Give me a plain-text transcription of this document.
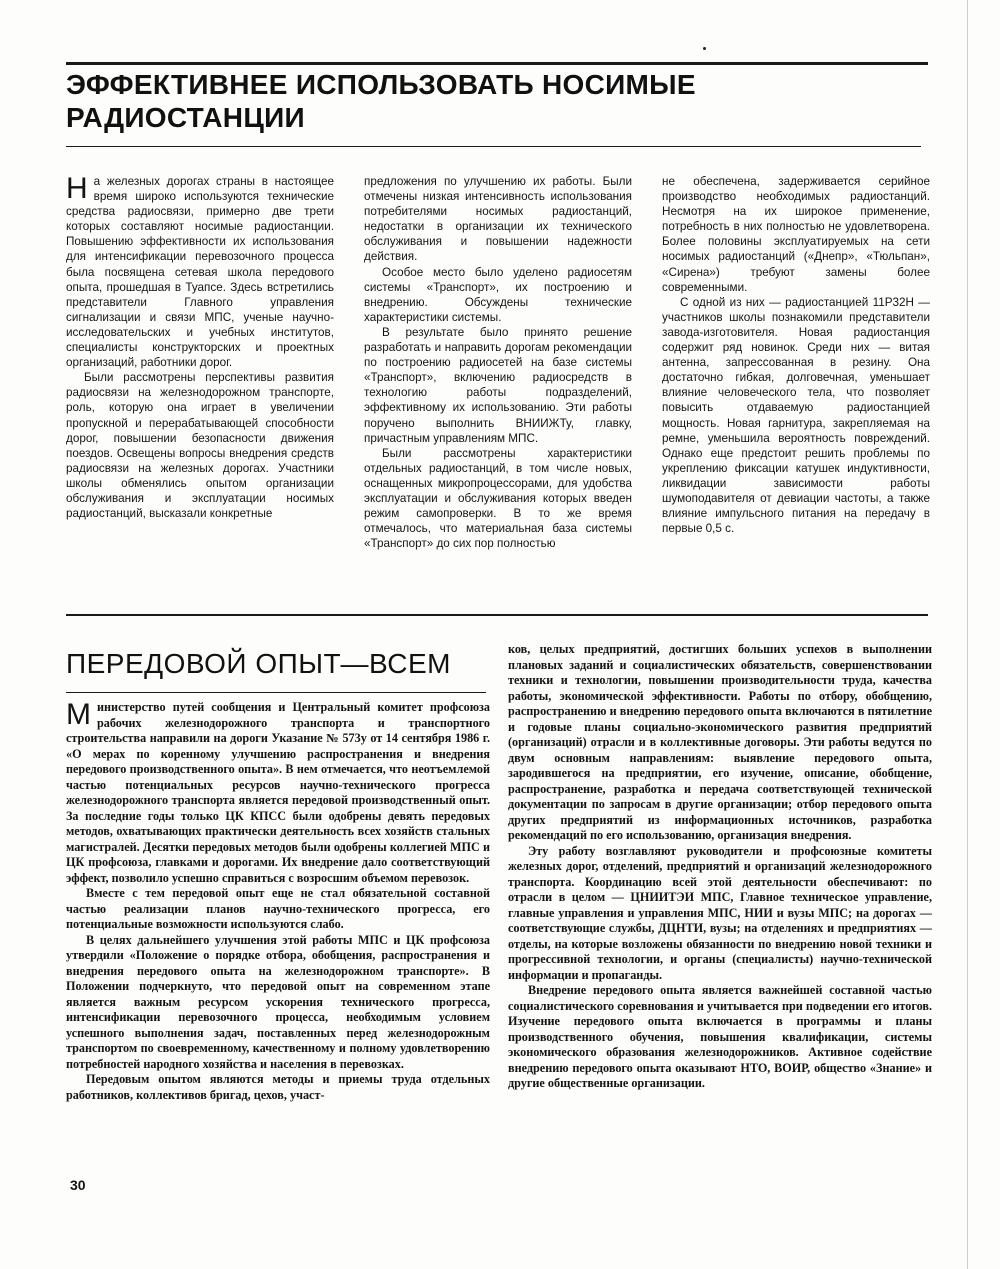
ЭФФЕКТИВНЕЕ ИСПОЛЬЗОВАТЬ НОСИМЫЕ РАДИОСТАНЦИИ
Н а железных дорогах страны в настоящее время широко используются технические средства радиосвязи, примерно две трети которых составляют носимые радиостанции. Повышению эффективности их использования для интенсификации перевозочного процесса была посвящена сетевая школа передового опыта, прошедшая в Туапсе. Здесь встретились представители Главного управления сигнализации и связи МПС, ученые научно-исследовательских и учебных институтов, специалисты конструкторских и проектных организаций, работники дорог.

Были рассмотрены перспективы развития радиосвязи на железнодорожном транспорте, роль, которую она играет в увеличении пропускной и перерабатывающей способности дорог, повышении безопасности движения поездов. Освещены вопросы внедрения средств радиосвязи на железных дорогах. Участники школы обменялись опытом организации обслуживания и эксплуатации носимых радиостанций, высказали конкретные

предложения по улучшению их работы. Были отмечены низкая интенсивность использования потребителями носимых радиостанций, недостатки в организации их технического обслуживания и повышении надежности действия.

Особое место было уделено радиосетям системы «Транспорт», их построению и внедрению. Обсуждены технические характеристики системы.

В результате было принято решение разработать и направить дорогам рекомендации по построению радиосетей на базе системы «Транспорт», включению радиосредств в технологию работы подразделений, эффективному их использованию. Эти работы поручено выполнить ВНИИЖТу, главку, причастным управлениям МПС.

Были рассмотрены характеристики отдельных радиостанций, в том числе новых, оснащенных микропроцессорами, для удобства эксплуатации и обслуживания которых введен режим самопроверки. В то же время отмечалось, что материальная база системы «Транспорт» до сих пор полностью

не обеспечена, задерживается серийное производство необходимых радиостанций. Несмотря на их широкое применение, потребность в них полностью не удовлетворена. Более половины эксплуатируемых на сети носимых радиостанций («Днепр», «Тюльпан», «Сирена») требуют замены более современными.

С одной из них — радиостанцией 11Р32Н — участников школы познакомили представители завода-изготовителя. Новая радиостанция содержит ряд новинок. Среди них — витая антенна, запрессованная в резину. Она достаточно гибкая, долговечная, уменьшает влияние человеческого тела, что позволяет повысить отдаваемую радиостанцией мощность. Новая гарнитура, закрепляемая на ремне, уменьшила вероятность повреждений. Однако еще предстоит решить проблемы по укреплению фиксации катушек индуктивности, ликвидации зависимости работы шумоподавителя от девиации частоты, а также влияние импульсного питания на передачу в первые 0,5 с.

ПЕРЕДОВОЙ ОПЫТ—ВСЕМ
М инистерство путей сообщения и Центральный комитет профсоюза рабочих железнодорожного транспорта и транспортного строительства направили на дороги Указание № 573у от 14 сентября 1986 г. «О мерах по коренному улучшению распространения и внедрения передового производственного опыта». В нем отмечается, что неотъемлемой частью потенциальных ресурсов научно-технического прогресса железнодорожного транспорта является передовой производственный опыт. За последние годы только ЦК КПСС были одобрены девять передовых методов, охватывающих практически деятельность всех хозяйств стальных магистралей. Десятки передовых методов были одобрены коллегией МПС и ЦК профсоюза, главками и дорогами. Их внедрение дало соответствующий эффект, позволило успешно справиться с возросшим объемом перевозок.

Вместе с тем передовой опыт еще не стал обязательной составной частью реализации планов научно-технического прогресса, его потенциальные возможности используются слабо.

В целях дальнейшего улучшения этой работы МПС и ЦК профсоюза утвердили «Положение о порядке отбора, обобщения, распространения и внедрения передового опыта на железнодорожном транспорте». В Положении подчеркнуто, что передовой опыт на современном этапе является важным ресурсом ускорения технического прогресса, интенсификации перевозочного процесса, необходимым условием успешного выполнения задач, поставленных перед железнодорожным транспортом по своевременному, качественному и полному удовлетворению потребностей народного хозяйства и населения в перевозках.

Передовым опытом являются методы и приемы труда отдельных работников, коллективов бригад, цехов, участ-

ков, целых предприятий, достигших больших успехов в выполнении плановых заданий и социалистических обязательств, совершенствовании техники и технологии, повышении производительности труда, качества работы, экономической эффективности. Работы по отбору, обобщению, распространению и внедрению передового опыта включаются в пятилетние и годовые планы социально-экономического развития предприятий (организаций) отрасли и в коллективные договоры. Эти работы ведутся по двум основным направлениям: выявление передового опыта, зародившегося на предприятии, его изучение, описание, обобщение, распространение, разработка и передача соответствующей технической документации по запросам в другие организации; отбор передового опыта других предприятий из информационных источников, разработка рекомендаций по его использованию, организация внедрения.

Эту работу возглавляют руководители и профсоюзные комитеты железных дорог, отделений, предприятий и организаций железнодорожного транспорта. Координацию всей этой деятельности обеспечивают: по отрасли в целом — ЦНИИТЭИ МПС, Главное техническое управление, главные управления и управления МПС, НИИ и вузы МПС; на дорогах — соответствующие службы, ДЦНТИ, вузы; на отделениях и предприятиях — отделы, на которые возложены обязанности по внедрению новой техники и прогрессивной технологии, и органы (специалисты) научно-технической информации и пропаганды.

Внедрение передового опыта является важнейшей составной частью социалистического соревнования и учитывается при подведении его итогов. Изучение передового опыта включается в программы и планы производственного обучения, повышения квалификации, системы экономического образования железнодорожников. Активное содействие внедрению передового опыта оказывают НТО, ВОИР, общество «Знание» и другие общественные организации.

30
